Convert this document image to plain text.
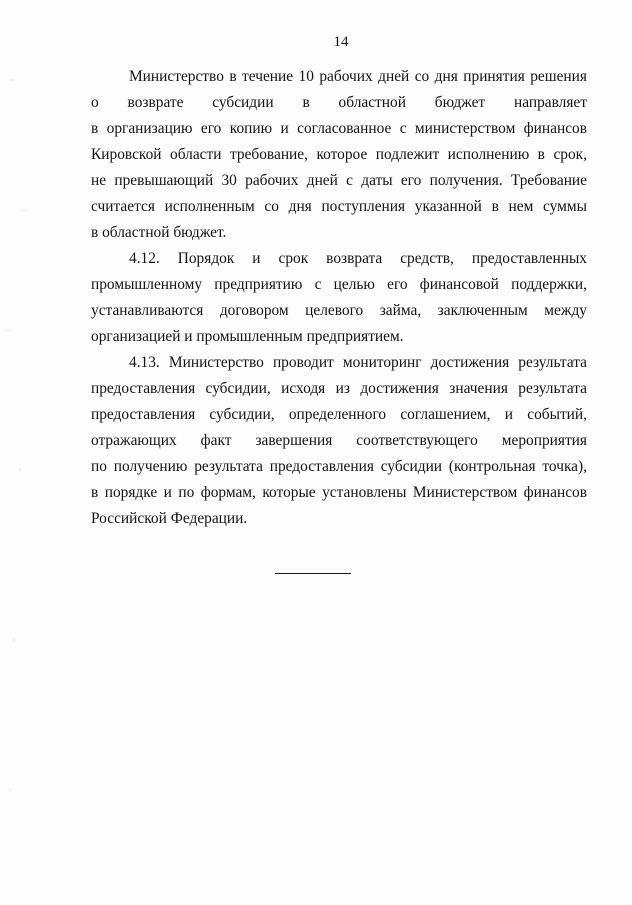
14
Министерство в течение 10 рабочих дней со дня принятия решения
о возврате субсидии в областной бюджет направляет
в организацию его копию и согласованное с министерством финансов
Кировской области требование, которое подлежит исполнению в срок,
не превышающий 30 рабочих дней с даты его получения. Требование
считается исполненным со дня поступления указанной в нем суммы
в областной бюджет.
4.12. Порядок и срок возврата средств, предоставленных
промышленному предприятию с целью его финансовой поддержки,
устанавливаются договором целевого займа, заключенным между
организацией и промышленным предприятием.
4.13. Министерство проводит мониторинг достижения результата
предоставления субсидии, исходя из достижения значения результата
предоставления субсидии, определенного соглашением, и событий,
отражающих факт завершения соответствующего мероприятия
по получению результата предоставления субсидии (контрольная точка),
в порядке и по формам, которые установлены Министерством финансов
Российской Федерации.
